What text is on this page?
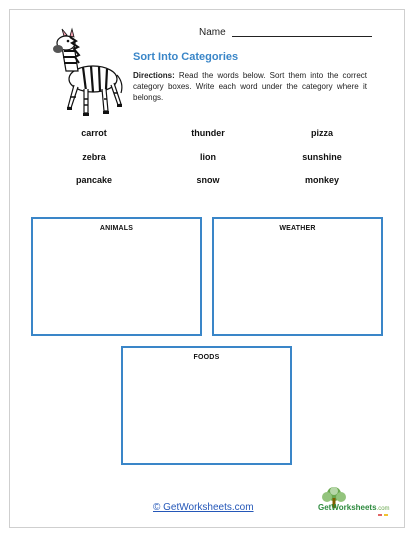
Name
Sort Into Categories
Directions: Read the words below. Sort them into the correct category boxes. Write each word under the category where it belongs.
carrot	thunder	pizza
zebra	lion	sunshine
pancake	snow	monkey
ANIMALS	WEATHER
FOODS
© GetWorksheets.com	GetWorksheets.com
